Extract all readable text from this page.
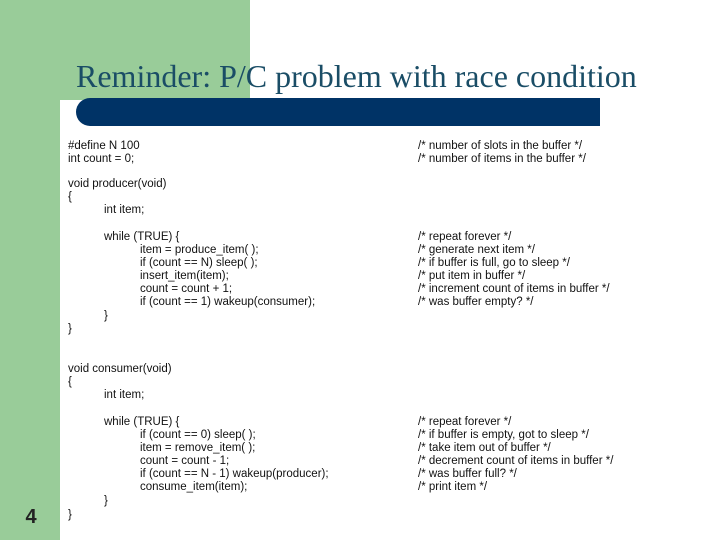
Reminder: P/C problem with race condition
4
#define N 100	/* number of slots in the buffer */
int count = 0;	/* number of items in the buffer */
void producer(void)
{
int item;
while (TRUE) {	/* repeat forever */
item = produce_item( );	/* generate next item */
if (count == N) sleep( );	/* if buffer is full, go to sleep */
insert_item(item);	/* put item in buffer */
count = count + 1;	/* increment count of items in buffer */
if (count == 1) wakeup(consumer);	/* was buffer empty? */
}
}
void consumer(void)
{
int item;
while (TRUE) {	/* repeat forever */
if (count == 0) sleep( );	/* if buffer is empty, got to sleep */
item = remove_item( );	/* take item out of buffer */
count = count - 1;	/* decrement count of items in buffer */
if (count == N - 1) wakeup(producer);	/* was buffer full? */
consume_item(item);	/* print item */
}
}
